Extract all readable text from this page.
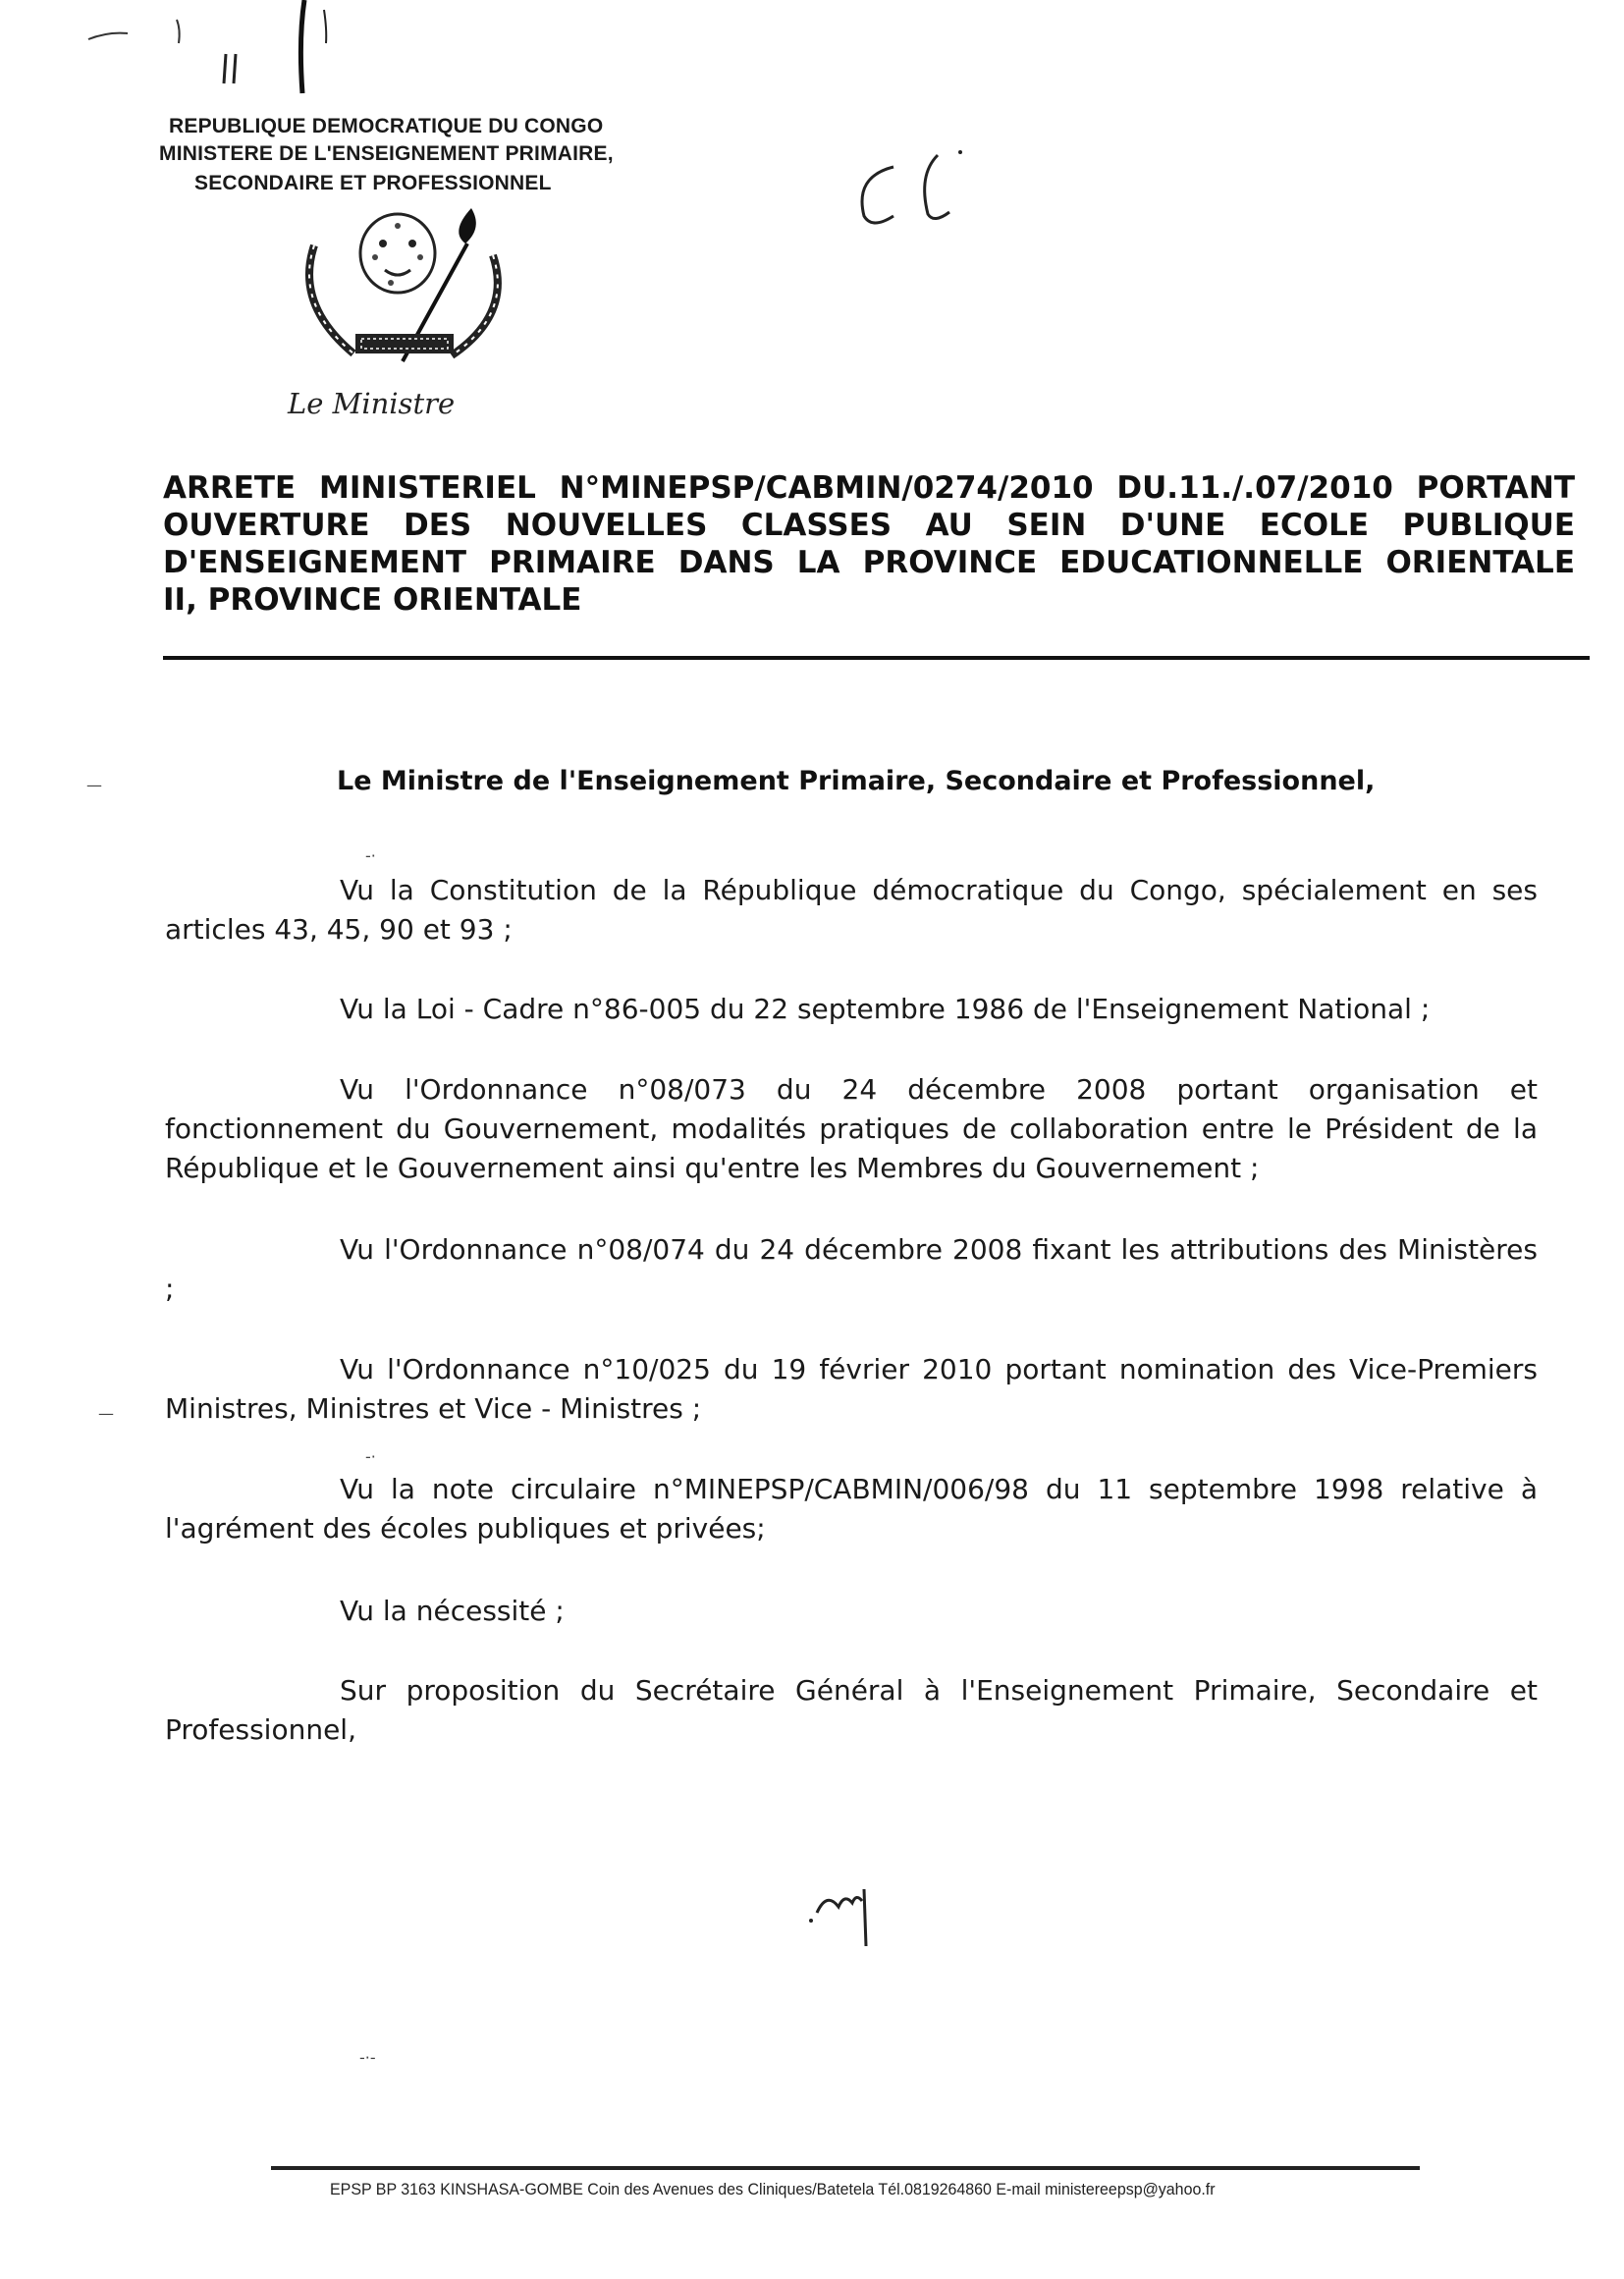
REPUBLIQUE DEMOCRATIQUE DU CONGO
MINISTERE DE L'ENSEIGNEMENT PRIMAIRE,
SECONDAIRE ET PROFESSIONNEL
Le Ministre
ARRETE MINISTERIEL N°MINEPSP/CABMIN/0274/2010 DU.11./.07/2010 PORTANT
OUVERTURE DES NOUVELLES CLASSES AU SEIN D'UNE ECOLE PUBLIQUE
D'ENSEIGNEMENT PRIMAIRE DANS LA PROVINCE EDUCATIONNELLE ORIENTALE
II, PROVINCE ORIENTALE
Le Ministre de l'Enseignement Primaire, Secondaire et Professionnel,
Vu la Constitution de la République démocratique du Congo, spécialement en ses articles 43, 45, 90 et 93 ;
Vu la Loi - Cadre n°86-005 du 22 septembre 1986 de l'Enseignement National ;
Vu l'Ordonnance n°08/073 du 24 décembre 2008 portant organisation et fonctionnement du Gouvernement, modalités pratiques de collaboration entre le Président de la République et le Gouvernement ainsi qu'entre les Membres du Gouvernement ;
Vu l'Ordonnance n°08/074 du 24 décembre 2008 fixant les attributions des Ministères ;
Vu l'Ordonnance n°10/025 du 19 février 2010 portant nomination des Vice-Premiers Ministres, Ministres et Vice - Ministres ;
Vu la note circulaire n°MINEPSP/CABMIN/006/98 du 11 septembre 1998 relative à l'agrément des écoles publiques et privées;
Vu la nécessité ;
Sur proposition du Secrétaire Général à l'Enseignement Primaire, Secondaire et Professionnel,
—
—
-·
-·
-·-
EPSP BP 3163 KINSHASA-GOMBE Coin des Avenues des Cliniques/Batetela Tél.0819264860 E-mail ministereepsp@yahoo.fr
